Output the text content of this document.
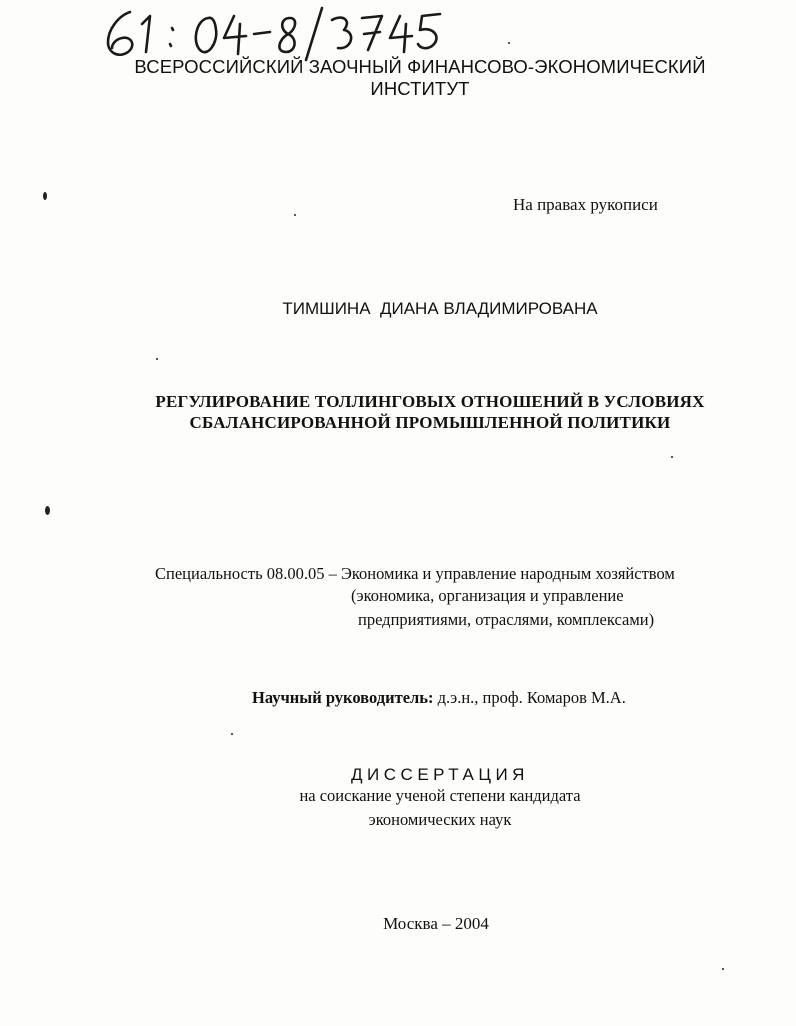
ВСЕРОССИЙСКИЙ ЗАОЧНЫЙ ФИНАНСОВО-ЭКОНОМИЧЕСКИЙ
ИНСТИТУТ
На правах рукописи
ТИМШИНА  ДИАНА ВЛАДИМИРОВАНА
РЕГУЛИРОВАНИЕ ТОЛЛИНГОВЫХ ОТНОШЕНИЙ В УСЛОВИЯХ
СБАЛАНСИРОВАННОЙ ПРОМЫШЛЕННОЙ ПОЛИТИКИ
Специальность 08.00.05 – Экономика и управление народным хозяйством
(экономика, организация и управление
предприятиями, отраслями, комплексами)
Научный руководитель: д.э.н., проф. Комаров М.А.
ДИССЕРТАЦИЯ
на соискание ученой степени кандидата
экономических наук
Москва – 2004
